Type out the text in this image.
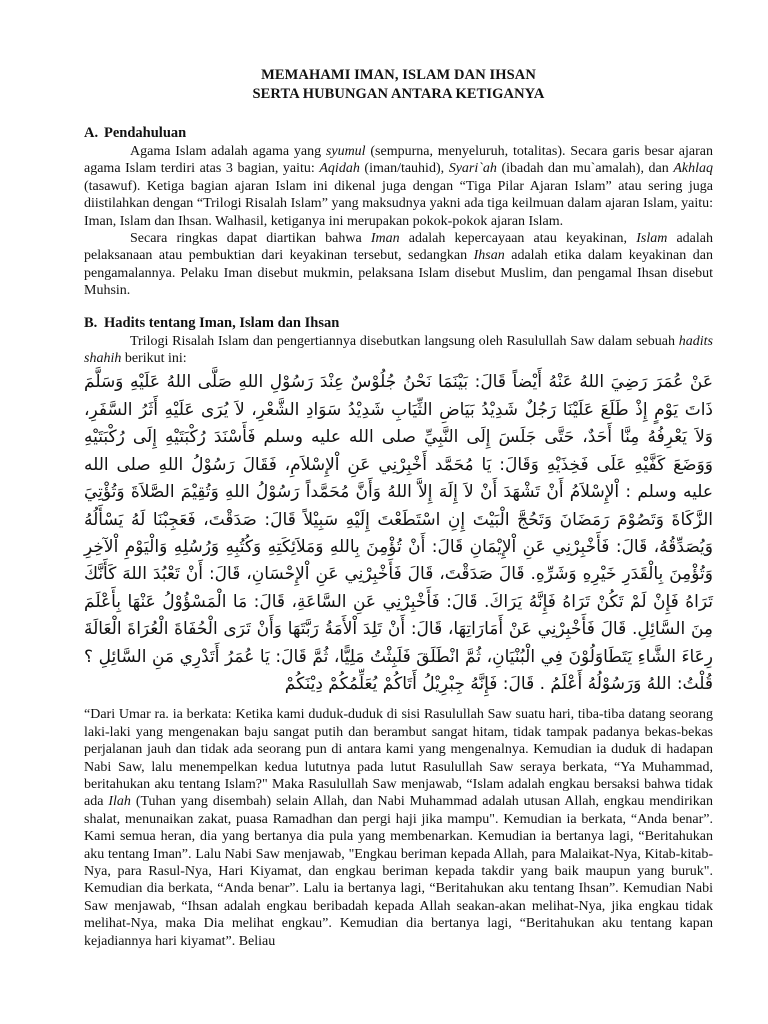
MEMAHAMI IMAN, ISLAM DAN IHSAN
SERTA HUBUNGAN ANTARA KETIGANYA
A. Pendahuluan

Agama Islam adalah agama yang syumul (sempurna, menyeluruh, totalitas). Secara garis besar ajaran agama Islam terdiri atas 3 bagian, yaitu: Aqidah (iman/tauhid), Syari`ah (ibadah dan mu`amalah), dan Akhlaq (tasawuf). Ketiga bagian ajaran Islam ini dikenal juga dengan “Tiga Pilar Ajaran Islam” atau sering juga diistilahkan dengan “Trilogi Risalah Islam” yang maksudnya yakni ada tiga keilmuan dalam ajaran Islam, yaitu: Iman, Islam dan Ihsan. Walhasil, ketiganya ini merupakan pokok-pokok ajaran Islam.

Secara ringkas dapat diartikan bahwa Iman adalah kepercayaan atau keyakinan, Islam adalah pelaksanaan atau pembuktian dari keyakinan tersebut, sedangkan Ihsan adalah etika dalam keyakinan dan pengamalannya. Pelaku Iman disebut mukmin, pelaksana Islam disebut Muslim, dan pengamal Ihsan disebut Muhsin.

B. Hadits tentang Iman, Islam dan Ihsan

Trilogi Risalah Islam dan pengertiannya disebutkan langsung oleh Rasulullah Saw dalam sebuah hadits shahih berikut ini:

عَنْ عُمَرَ رَضِيَ اللهُ عَنْهُ أَيْضاً قَالَ: بَيْنَمَا نَحْنُ جُلُوْسٌ عِنْدَ رَسُوْلِ اللهِ صَلَّى اللهُ عَلَيْهِ وَسَلَّمَ ذَاتَ يَوْمٍ إِذْ طَلَعَ عَلَيْنَا رَجُلٌ شَدِيْدُ بَيَاضِ الثِّيَابِ شَدِيْدُ سَوَادِ الشَّعْرِ، لاَ يُرَى عَلَيْهِ أَثَرُ السَّفَرِ، وَلاَ يَعْرِفُهُ مِنَّا أَحَدٌ، حَتَّى جَلَسَ إِلَى النَّبِيِّ صلى الله عليه وسلم فَأَسْنَدَ رُكْبَتَيْهِ إِلَى رُكْبَتَيْهِ وَوَضَعَ كَفَّيْهِ عَلَى فَخِذَيْهِ وَقَالَ: يَا مُحَمَّد أَخْبِرْنِي عَنِ اْلإِسْلاَمِ، فَقَالَ رَسُوْلُ اللهِ صلى الله عليه وسلم : اْلإِسْلاَمُ أَنْ تَشْهَدَ أَنْ لاَ إِلَهَ إِلاَّ اللهُ وَأَنَّ مُحَمَّداً رَسُوْلُ اللهِ وَتُقِيْمَ الصَّلاَةَ وَتُؤْتِيَ الزَّكَاةَ وَتَصُوْمَ رَمَضَانَ وَتَحُجَّ الْبَيْتَ إِنِ اسْتَطَعْتَ إِلَيْهِ سَبِيْلاً قَالَ: صَدَقْتَ، فَعَجِبْنَا لَهُ يَسْأَلُهُ وَيُصَدِّقُهُ، قَالَ: فَأَخْبِرْنِي عَنِ اْلإِيْمَانِ قَالَ: أَنْ تُؤْمِنَ بِاللهِ وَمَلاَئِكَتِهِ وَكُتُبِهِ وَرُسُلِهِ وَالْيَوْمِ اْلآخِرِ وَتُؤْمِنَ بِالْقَدَرِ خَيْرِهِ وَشَرِّهِ. قَالَ صَدَقْتَ، قَالَ فَأَخْبِرْنِي عَنِ اْلإِحْسَانِ، قَالَ: أَنْ تَعْبُدَ اللهَ كَأَنَّكَ تَرَاهُ فَإِنْ لَمْ تَكُنْ تَرَاهُ فَإِنَّهُ يَرَاكَ. قَالَ: فَأَخْبِرْنِي عَنِ السَّاعَةِ، قَالَ: مَا الْمَسْؤُوْلُ عَنْهَا بِأَعْلَمَ مِنَ السَّائِلِ. قَالَ فَأَخْبِرْنِي عَنْ أَمَارَاتِهَا، قَالَ: أَنْ تَلِدَ اْلأَمَةُ رَبَّتَهَا وَأَنْ تَرَى الْحُفَاةَ الْعُرَاةَ الْعَالَةَ رِعَاءَ الشَّاءِ يَتَطَاوَلُوْنَ فِي الْبُنْيَانِ، ثُمَّ انْطَلَقَ فَلَبِثْتُ مَلِيًّا، ثُمَّ قَالَ: يَا عُمَرُ أَتَدْرِي مَنِ السَّائِلِ ؟ قُلْتُ: اللهُ وَرَسُوْلُهُ أَعْلَمُ . قَالَ: فَإِنَّهُ جِبْرِيْلُ أَتَاكُمْ يُعَلِّمُكُمْ دِيْنَكُمْ

“Dari Umar ra. ia berkata: Ketika kami duduk-duduk di sisi Rasulullah Saw suatu hari, tiba-tiba datang seorang laki-laki yang mengenakan baju sangat putih dan berambut sangat hitam, tidak tampak padanya bekas-bekas perjalanan jauh dan tidak ada seorang pun di antara kami yang mengenalnya. Kemudian ia duduk di hadapan Nabi Saw, lalu menempelkan kedua lututnya pada lutut Rasulullah Saw seraya berkata, “Ya Muhammad, beritahukan aku tentang Islam?" Maka Rasulullah Saw menjawab, “Islam adalah engkau bersaksi bahwa tidak ada Ilah (Tuhan yang disembah) selain Allah, dan Nabi Muhammad adalah utusan Allah, engkau mendirikan shalat, menunaikan zakat, puasa Ramadhan dan pergi haji jika mampu". Kemudian ia berkata, “Anda benar”. Kami semua heran, dia yang bertanya dia pula yang membenarkan. Kemudian ia bertanya lagi, “Beritahukan aku tentang Iman”. Lalu Nabi Saw menjawab, "Engkau beriman kepada Allah, para Malaikat-Nya, Kitab-kitab-Nya, para Rasul-Nya, Hari Kiyamat, dan engkau beriman kepada takdir yang baik maupun yang buruk". Kemudian dia berkata, “Anda benar”. Lalu ia bertanya lagi, “Beritahukan aku tentang Ihsan”. Kemudian Nabi Saw menjawab, “Ihsan adalah engkau beribadah kepada Allah seakan-akan melihat-Nya, jika engkau tidak melihat-Nya, maka Dia melihat engkau”. Kemudian dia bertanya lagi, “Beritahukan aku tentang kapan kejadiannya hari kiyamat”. Beliau
